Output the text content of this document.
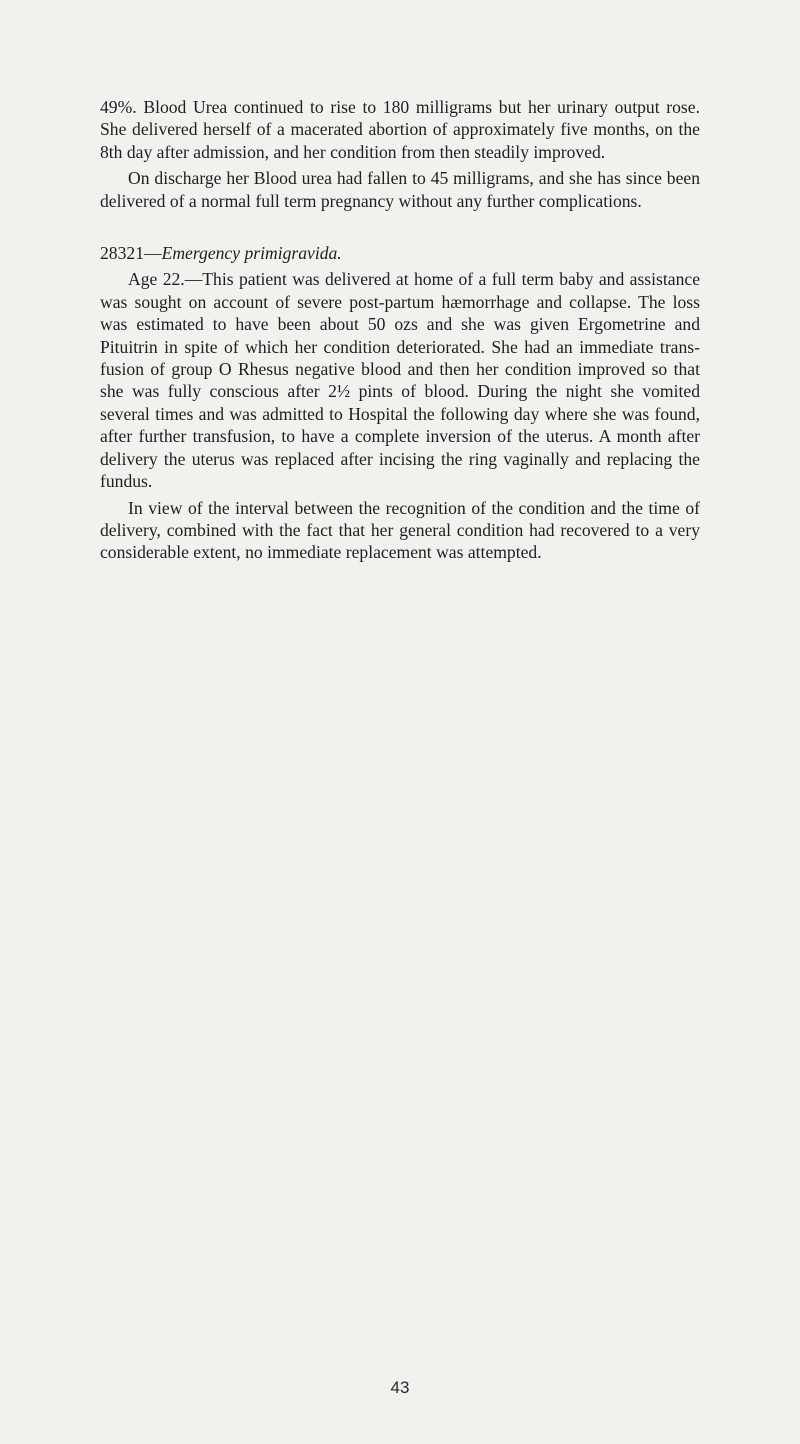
49%. Blood Urea continued to rise to 180 milligrams but her urinary output rose. She delivered herself of a macerated abortion of approximately five months, on the 8th day after admission, and her condition from then steadily improved.

On discharge her Blood urea had fallen to 45 milligrams, and she has since been delivered of a normal full term pregnancy without any further complications.

28321—Emergency primigravida.

Age 22.—This patient was delivered at home of a full term baby and assistance was sought on account of severe post-partum hæmorrhage and collapse. The loss was estimated to have been about 50 ozs and she was given Ergometrine and Pituitrin in spite of which her condition deteriorated. She had an immediate transfusion of group O Rhesus negative blood and then her condition improved so that she was fully conscious after 2½ pints of blood. During the night she vomited several times and was admitted to Hospital the following day where she was found, after further transfusion, to have a complete inversion of the uterus. A month after delivery the uterus was replaced after incising the ring vaginally and replacing the fundus.

In view of the interval between the recognition of the condition and the time of delivery, combined with the fact that her general condition had recovered to a very considerable extent, no immediate replacement was attempted.

43
